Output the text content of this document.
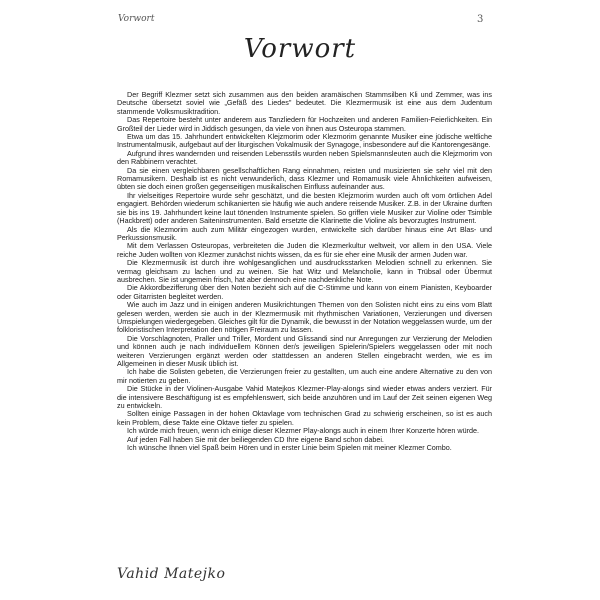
Vorwort	3
Vorwort

Der Begriff Klezmer setzt sich zusammen aus den beiden aramäischen Stammsilben Kli und Zemmer, was ins Deutsche übersetzt soviel wie „Gefäß des Liedes" bedeutet. Die Klezmermusik ist eine aus dem Judentum stammende Volksmusiktradition.

Das Repertoire besteht unter anderem aus Tanzliedern für Hochzeiten und anderen Familien-Feierlichkeiten. Ein Großteil der Lieder wird in Jiddisch gesungen, da viele von ihnen aus Osteuropa stammen.

Etwa um das 15. Jahrhundert entwickelten Klejzmorim oder Klezmorim genannte Musiker eine jüdische weltliche Instrumentalmusik, aufgebaut auf der liturgischen Vokalmusik der Synagoge, insbesondere auf die Kantorengesänge.

Aufgrund ihres wandernden und reisenden Lebensstils wurden neben Spielsmannsleuten auch die Klejzmorim von den Rabbinern verachtet.

Da sie einen vergleichbaren gesellschaftlichen Rang einnahmen, reisten und musizierten sie sehr viel mit den Romamusikern. Deshalb ist es nicht verwunderlich, dass Klezmer und Romamusik viele Ähnlichkeiten aufweisen, übten sie doch einen großen gegenseitigen musikalischen Einfluss aufeinander aus.

Ihr vielseitiges Repertoire wurde sehr geschätzt, und die besten Klejzmorim wurden auch oft vom örtlichen Adel engagiert. Behörden wiederum schikanierten sie häufig wie auch andere reisende Musiker. Z.B. in der Ukraine durften sie bis ins 19. Jahrhundert keine laut tönenden Instrumente spielen. So griffen viele Musiker zur Violine oder Tsimble (Hackbrett) oder anderen Saiteninstrumenten. Bald ersetzte die Klarinette die Violine als bevorzugtes Instrument.

Als die Klezmorim auch zum Militär eingezogen wurden, entwickelte sich darüber hinaus eine Art Blas- und Perkussionsmusik.

Mit dem Verlassen Osteuropas, verbreiteten die Juden die Klezmerkultur weltweit, vor allem in den USA. Viele reiche Juden wollten von Klezmer zunächst nichts wissen, da es für sie eher eine Musik der armen Juden war.

Die Klezmermusik ist durch ihre wohlgesanglichen und ausdrucksstarken Melodien schnell zu erkennen. Sie vermag gleichsam zu lachen und zu weinen. Sie hat Witz und Melancholie, kann in Trübsal oder Übermut ausbrechen. Sie ist ungemein frisch, hat aber dennoch eine nachdenkliche Note.

Die Akkordbezifferung über den Noten bezieht sich auf die C-Stimme und kann von einem Pianisten, Keyboarder oder Gitarristen begleitet werden.

Wie auch im Jazz und in einigen anderen Musikrichtungen Themen von den Solisten nicht eins zu eins vom Blatt gelesen werden, werden sie auch in der Klezmermusik mit rhythmischen Variationen, Verzierungen und diversen Umspielungen wiedergegeben. Gleiches gilt für die Dynamik, die bewusst in der Notation weggelassen wurde, um der folkloristischen Interpretation den nötigen Freiraum zu lassen.

Die Vorschlagnoten, Praller und Triller, Mordent und Glissandi sind nur Anregungen zur Verzierung der Melodien und können auch je nach individuellem Können der/s jeweiligen Spielerin/Spielers weggelassen oder mit noch weiteren Verzierungen ergänzt werden oder stattdessen an anderen Stellen eingebracht werden, wie es im Allgemeinen in dieser Musik üblich ist.

Ich habe die Solisten gebeten, die Verzierungen freier zu gestallten, um auch eine andere Alternative zu den von mir notierten zu geben.

Die Stücke in der Violinen-Ausgabe Vahid Matejkos Klezmer-Play-alongs sind wieder etwas anders verziert. Für die intensivere Beschäftigung ist es empfehlenswert, sich beide anzuhören und im Lauf der Zeit seinen eigenen Weg zu entwickeln.

Sollten einige Passagen in der hohen Oktavlage vom technischen Grad zu schwierig erscheinen, so ist es auch kein Problem, diese Takte eine Oktave tiefer zu spielen.

Ich würde mich freuen, wenn ich einige dieser Klezmer Play-alongs auch in einem Ihrer Konzerte hören würde.

Auf jeden Fall haben Sie mit der beiliegenden CD Ihre eigene Band schon dabei.

Ich wünsche Ihnen viel Spaß beim Hören und in erster Linie beim Spielen mit meiner Klezmer Combo.

Vahid Matejko
